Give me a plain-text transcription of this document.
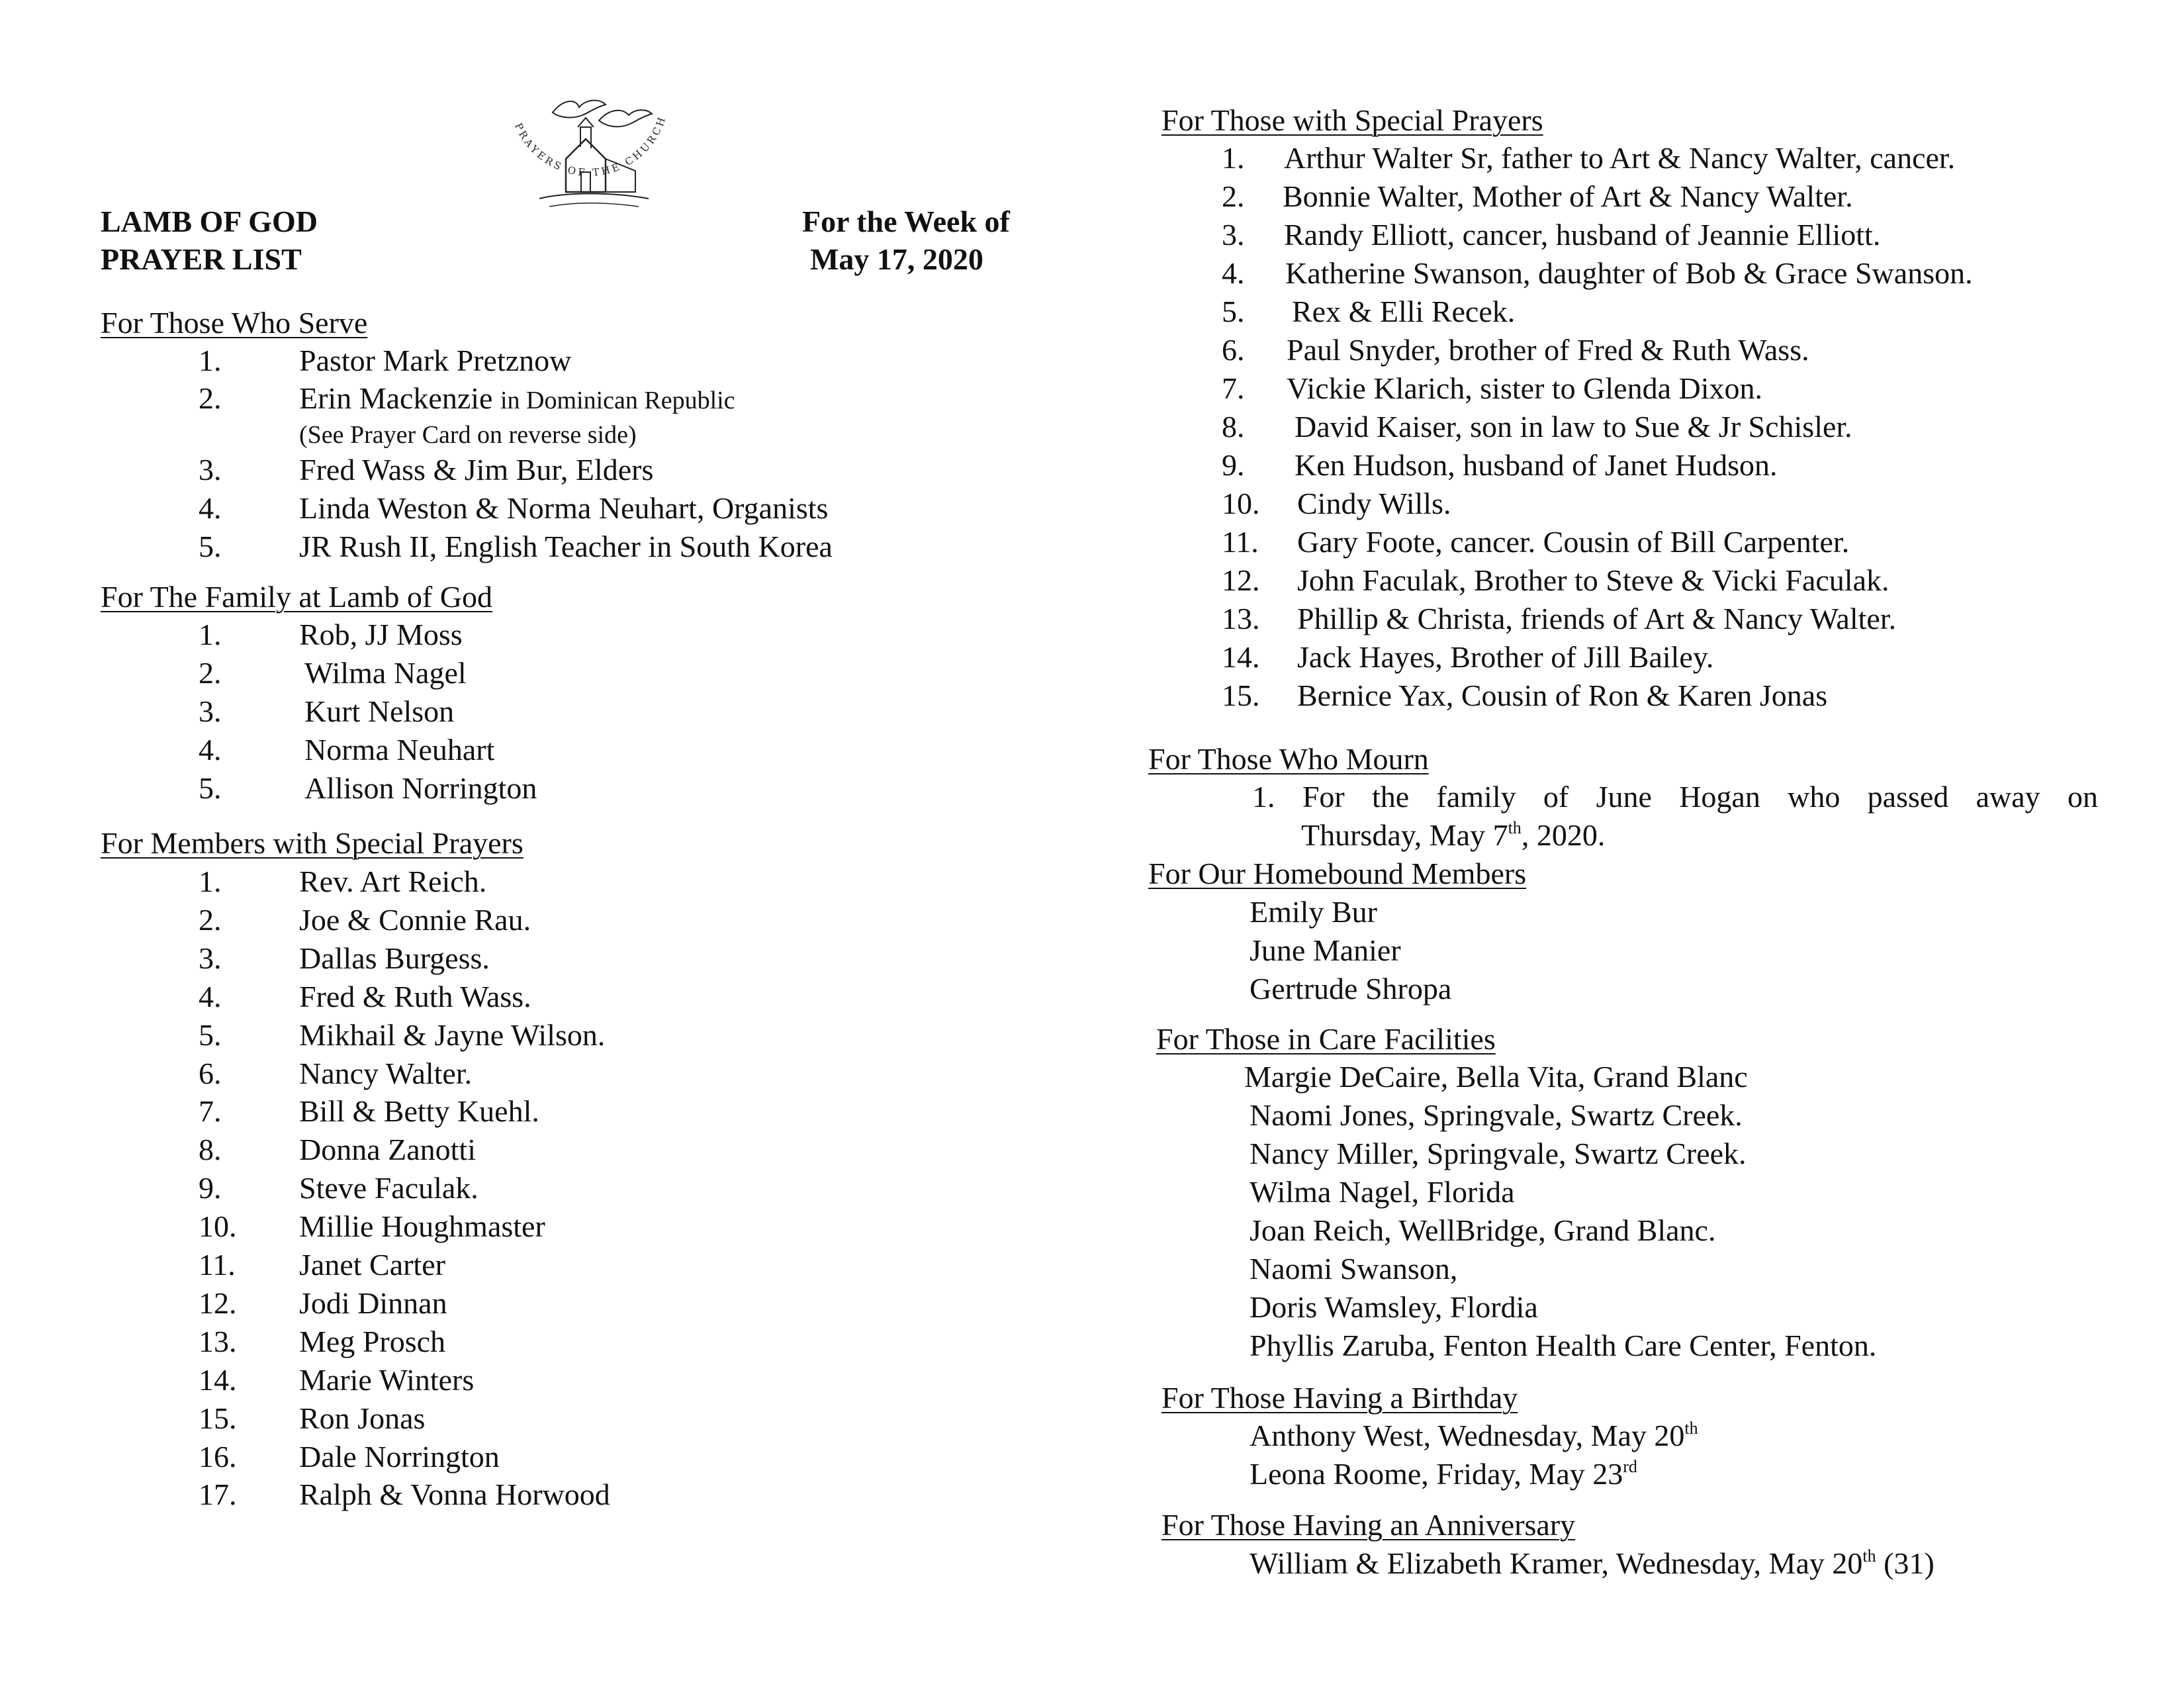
LAMB OF GOD
PRAYER LIST
For the Week of
May 17, 2020
PRAYERS OF THE CHURCH
For Those Who Serve
1.	Pastor Mark Pretznow
2.	Erin Mackenzie in Dominican Republic
(See Prayer Card on reverse side)
3.	Fred Wass & Jim Bur, Elders
4.	Linda Weston & Norma Neuhart, Organists
5.	JR Rush II, English Teacher in South Korea
For The Family at Lamb of God
1.	Rob, JJ Moss
2.	Wilma Nagel
3.	Kurt Nelson
4.	Norma Neuhart
5.	Allison Norrington
For Members with Special Prayers
1.	Rev. Art Reich.
2.	Joe & Connie Rau.
3.	Dallas Burgess.
4.	Fred & Ruth Wass.
5.	Mikhail & Jayne Wilson.
6.	Nancy Walter.
7.	Bill & Betty Kuehl.
8.	Donna Zanotti
9.	Steve Faculak.
10. Millie Houghmaster
11. Janet Carter
12. Jodi Dinnan
13. Meg Prosch
14. Marie Winters
15. Ron Jonas
16. Dale Norrington
17. Ralph & Vonna Horwood
For Those with Special Prayers
1. Arthur Walter Sr, father to Art & Nancy Walter, cancer.
2. Bonnie Walter, Mother of Art & Nancy Walter.
3. Randy Elliott, cancer, husband of Jeannie Elliott.
4. Katherine Swanson, daughter of Bob & Grace Swanson.
5. Rex & Elli Recek.
6. Paul Snyder, brother of Fred & Ruth Wass.
7. Vickie Klarich, sister to Glenda Dixon.
8. David Kaiser, son in law to Sue & Jr Schisler.
9. Ken Hudson, husband of Janet Hudson.
10. Cindy Wills.
11. Gary Foote, cancer. Cousin of Bill Carpenter.
12. John Faculak, Brother to Steve & Vicki Faculak.
13. Phillip & Christa, friends of Art & Nancy Walter.
14. Jack Hayes, Brother of Jill Bailey.
15. Bernice Yax, Cousin of Ron & Karen Jonas
For Those Who Mourn
1. For the family of June Hogan who passed away on
Thursday, May 7th, 2020.
For Our Homebound Members
Emily Bur
June Manier
Gertrude Shropa
For Those in Care Facilities
Margie DeCaire, Bella Vita, Grand Blanc
Naomi Jones, Springvale, Swartz Creek.
Nancy Miller, Springvale, Swartz Creek.
Wilma Nagel, Florida
Joan Reich, WellBridge, Grand Blanc.
Naomi Swanson,
Doris Wamsley, Flordia
Phyllis Zaruba, Fenton Health Care Center, Fenton.
For Those Having a Birthday
Anthony West, Wednesday, May 20th
Leona Roome, Friday, May 23rd
For Those Having an Anniversary
William & Elizabeth Kramer, Wednesday, May 20th (31)
